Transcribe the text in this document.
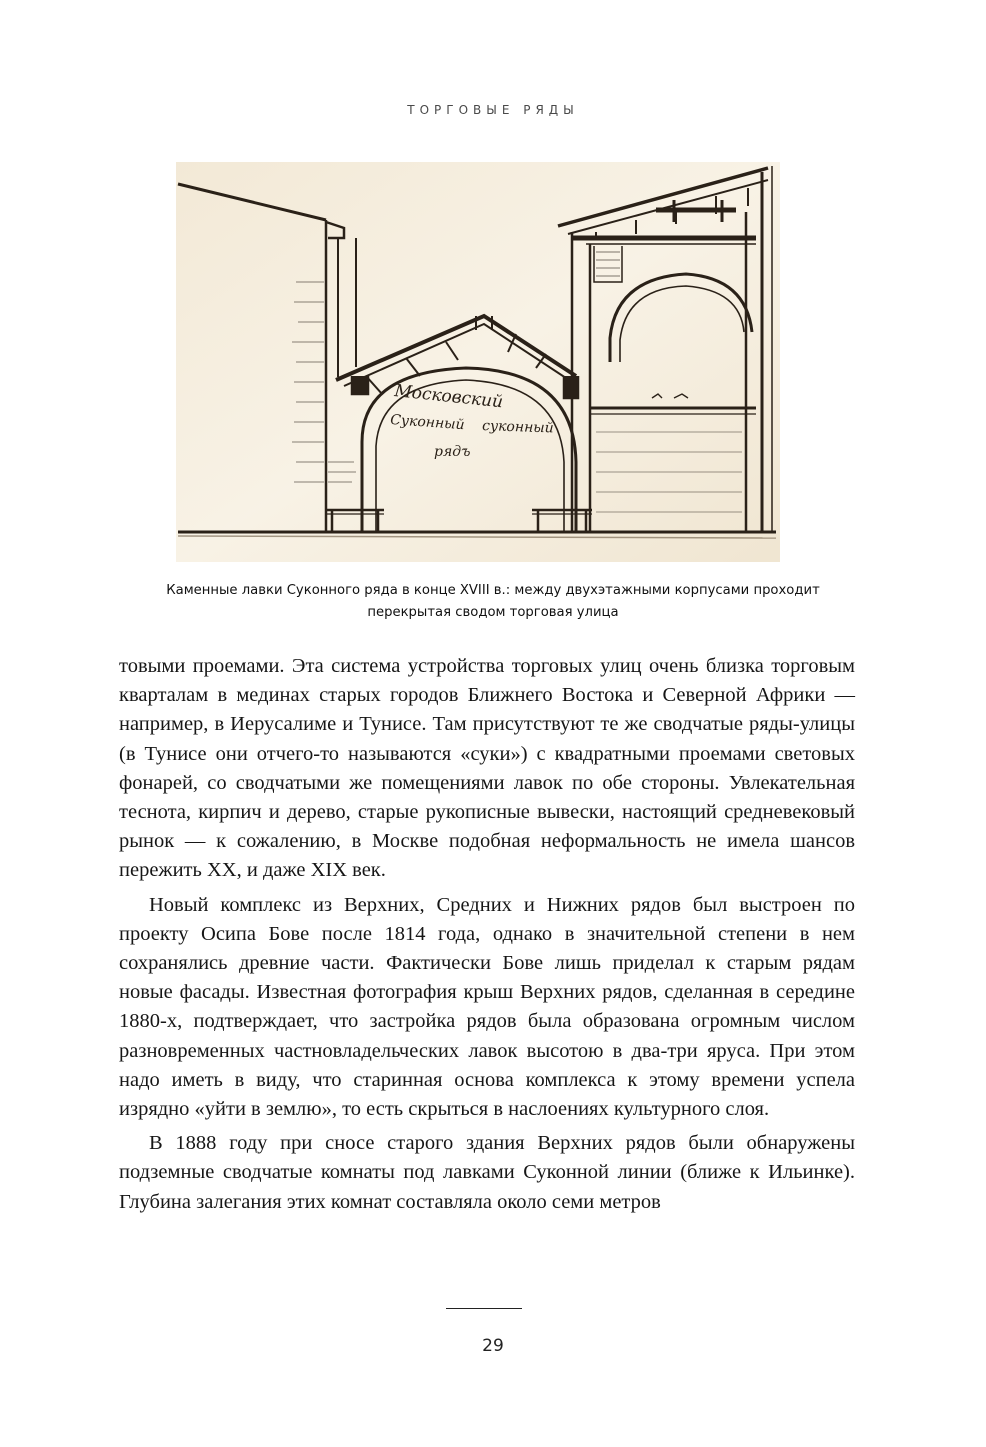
ТОРГОВЫЕ РЯДЫ
Московский
Суконный суконный
рядъ
Каменные лавки Суконного ряда в конце XVIII в.: между двухэтажными корпусами проходит
перекрытая сводом торговая улица

товыми проемами. Эта система устройства торговых улиц очень близка торговым кварталам в мединах старых городов Ближнего Востока и Северной Африки — например, в Иерусалиме и Тунисе. Там присутствуют те же сводчатые ряды-улицы (в Тунисе они отчего-то называются «суки») с квадратными проемами световых фонарей, со сводчатыми же помещениями лавок по обе стороны. Увлекательная теснота, кирпич и дерево, старые рукописные вывески, настоящий средневековый рынок — к сожалению, в Москве подобная неформальность не имела шансов пережить XX, и даже XIX век.

Новый комплекс из Верхних, Средних и Нижних рядов был выстроен по проекту Осипа Бове после 1814 года, однако в значительной степени в нем сохранялись древние части. Фактически Бове лишь приделал к старым рядам новые фасады. Известная фотография крыш Верхних рядов, сделанная в середине 1880-х, подтверждает, что застройка рядов была образована огромным числом разновременных частновладельческих лавок высотою в два-три яруса. При этом надо иметь в виду, что старинная основа комплекса к этому времени успела изрядно «уйти в землю», то есть скрыться в наслоениях культурного слоя.

В 1888 году при сносе старого здания Верхних рядов были обнаружены подземные сводчатые комнаты под лавками Суконной линии (ближе к Ильинке). Глубина залегания этих комнат составляла около семи метров

29
